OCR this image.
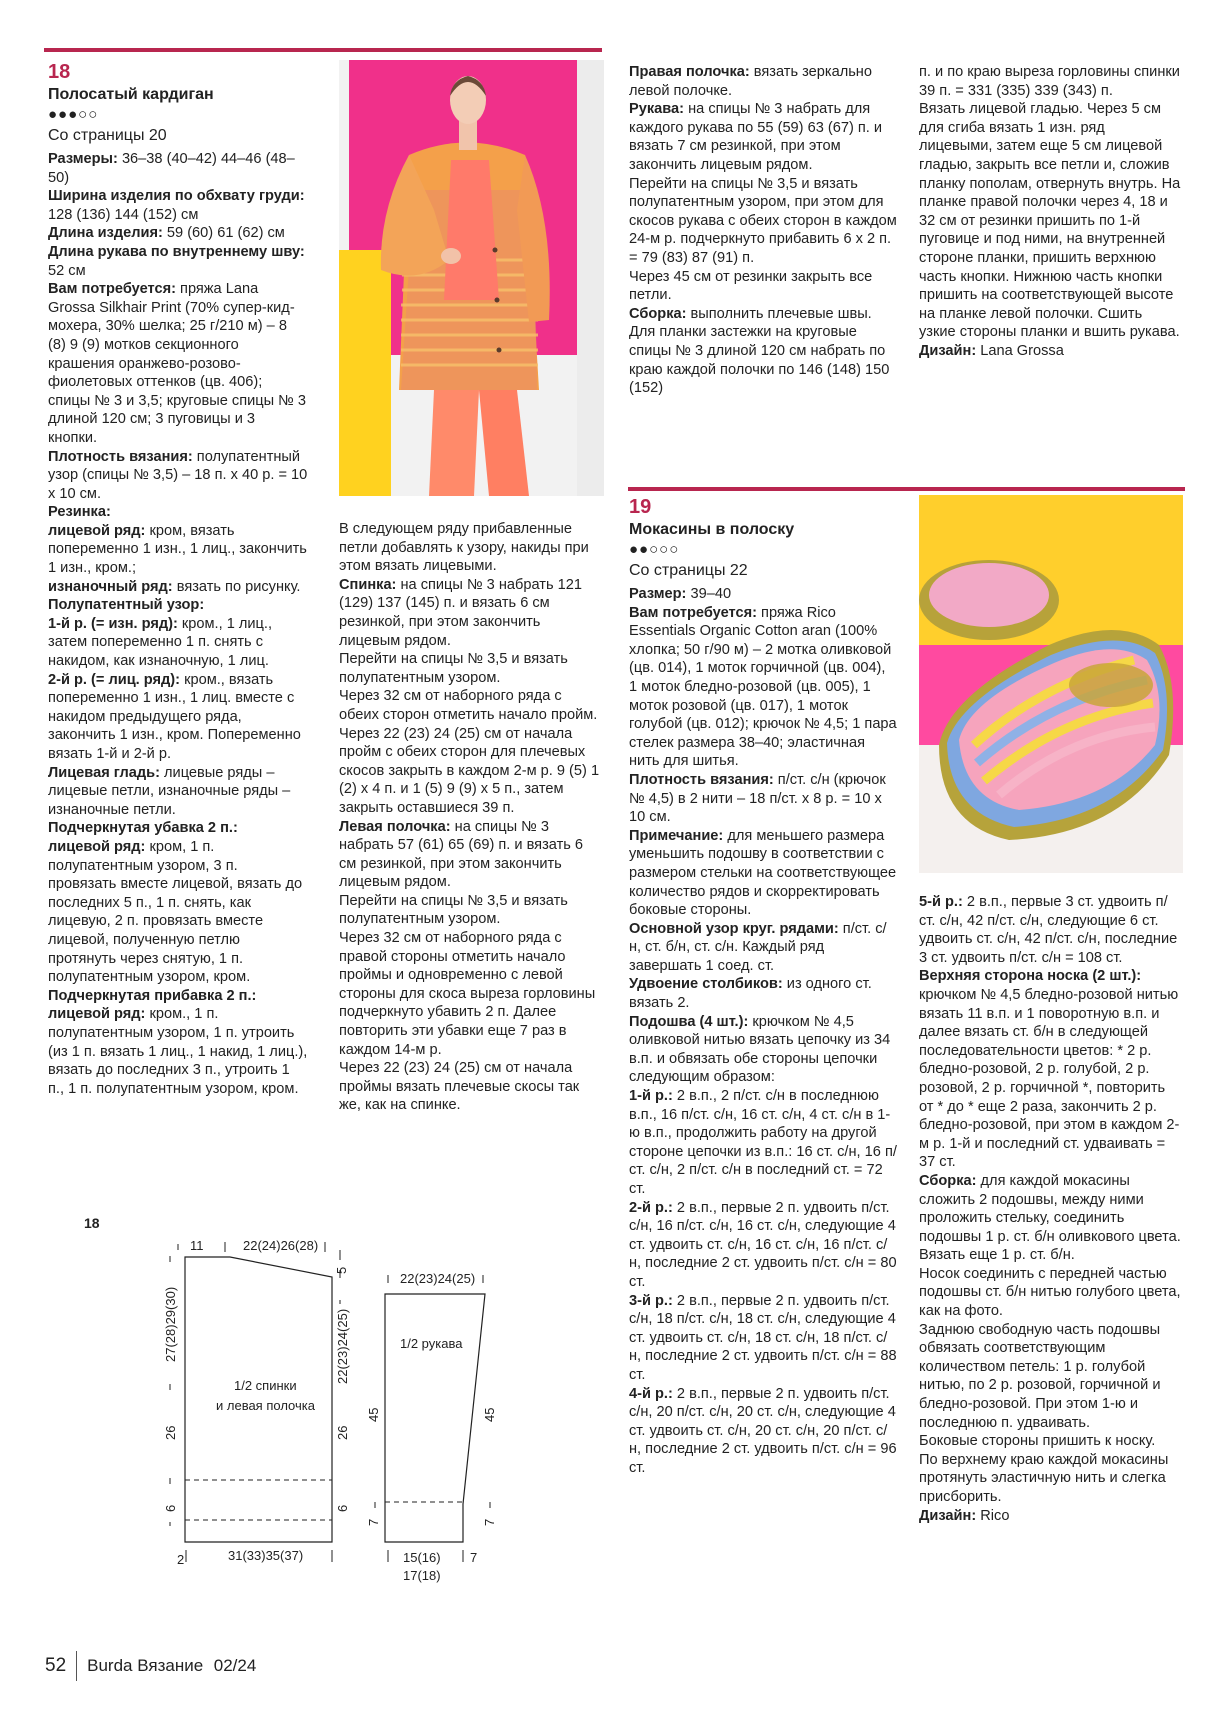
18
Полосатый кардиган
●●●○○
Со страницы 20

Размеры: 36–38 (40–42) 44–46 (48–50)

Ширина изделия по обхвату груди: 128 (136) 144 (152) см

Длина изделия: 59 (60) 61 (62) см

Длина рукава по внутреннему шву: 52 см

Вам потребуется: пряжа Lana Grossa Silkhair Print (70% супер-кид-мохера, 30% шелка; 25 г/210 м) – 8 (8) 9 (9) мотков секционного крашения оранжево-розово-фиолетовых оттенков (цв. 406); спицы № 3 и 3,5; круговые спицы № 3 длиной 120 см; 3 пуговицы и 3 кнопки.

Плотность вязания: полупатентный узор (спицы № 3,5) – 18 п. х 40 р. = 10 х 10 см.

Резинка:

лицевой ряд: кром, вязать попеременно 1 изн., 1 лиц., закончить 1 изн., кром.;

изнаночный ряд: вязать по рисунку.

Полупатентный узор:

1-й р. (= изн. ряд): кром., 1 лиц., затем попеременно 1 п. снять с накидом, как изнаночную, 1 лиц.

2-й р. (= лиц. ряд): кром., вязать попеременно 1 изн., 1 лиц. вместе с накидом предыдущего ряда, закончить 1 изн., кром. Попеременно вязать 1-й и 2-й р.

Лицевая гладь: лицевые ряды – лицевые петли, изнаночные ряды – изнаночные петли.

Подчеркнутая убавка 2 п.:

лицевой ряд: кром, 1 п. полупатентным узором, 3 п. провязать вместе лицевой, вязать до последних 5 п., 1 п. снять, как лицевую, 2 п. провязать вместе лицевой, полученную петлю протянуть через снятую, 1 п. полупатентным узором, кром.

Подчеркнутая прибавка 2 п.:

лицевой ряд: кром., 1 п. полупатентным узором, 1 п. утроить (из 1 п. вязать 1 лиц., 1 накид, 1 лиц.), вязать до последних 3 п., утроить 1 п., 1 п. полупатентным узором, кром.

В следующем ряду прибавленные петли добавлять к узору, накиды при этом вязать лицевыми.

Спинка: на спицы № 3 набрать 121 (129) 137 (145) п. и вязать 6 см резинкой, при этом закончить лицевым рядом.

Перейти на спицы № 3,5 и вязать полупатентным узором.

Через 32 см от наборного ряда с обеих сторон отметить начало пройм.

Через 22 (23) 24 (25) см от начала пройм с обеих сторон для плечевых скосов закрыть в каждом 2-м р. 9 (5) 1 (2) х 4 п. и 1 (5) 9 (9) х 5 п., затем закрыть оставшиеся 39 п.

Левая полочка: на спицы № 3 набрать 57 (61) 65 (69) п. и вязать 6 см резинкой, при этом закончить лицевым рядом.

Перейти на спицы № 3,5 и вязать полупатентным узором.

Через 32 см от наборного ряда с правой стороны отметить начало проймы и одновременно с левой стороны для скоса выреза горловины подчеркнуто убавить 2 п. Далее повторить эти убавки еще 7 раз в каждом 14-м р.

Через 22 (23) 24 (25) см от начала проймы вязать плечевые скосы так же, как на спинке.

Правая полочка: вязать зеркально левой полочке.

Рукава: на спицы № 3 набрать для каждого рукава по 55 (59) 63 (67) п. и вязать 7 см резинкой, при этом закончить лицевым рядом.

Перейти на спицы № 3,5 и вязать полупатентным узором, при этом для скосов рукава с обеих сторон в каждом 24-м р. подчеркнуто прибавить 6 х 2 п. = 79 (83) 87 (91) п.

Через 45 см от резинки закрыть все петли.

Сборка: выполнить плечевые швы. Для планки застежки на круговые спицы № 3 длиной 120 см набрать по краю каждой полочки по 146 (148) 150 (152)

п. и по краю выреза горловины спинки 39 п. = 331 (335) 339 (343) п.

Вязать лицевой гладью. Через 5 см для сгиба вязать 1 изн. ряд лицевыми, затем еще 5 см лицевой гладью, закрыть все петли и, сложив планку пополам, отвернуть внутрь. На планке правой полочки через 4, 18 и 32 см от резинки пришить по 1-й пуговице и под ними, на внутренней стороне планки, пришить верхнюю часть кнопки. Нижнюю часть кнопки пришить на соответствующей высоте на планке левой полочки. Сшить узкие стороны планки и вшить рукава.

Дизайн: Lana Grossa

19
Мокасины в полоску
●●○○○
Со страницы 22

Размер: 39–40

Вам потребуется: пряжа Rico Essentials Organic Cotton aran (100% хлопка; 50 г/90 м) – 2 мотка оливковой (цв. 014), 1 моток горчичной (цв. 004), 1 моток бледно-розовой (цв. 005), 1 моток розовой (цв. 017), 1 моток голубой (цв. 012); крючок № 4,5; 1 пара стелек размера 38–40; эластичная нить для шитья.

Плотность вязания: п/ст. с/н (крючок № 4,5) в 2 нити – 18 п/ст. х 8 р. = 10 х 10 см.

Примечание: для меньшего размера уменьшить подошву в соответствии с размером стельки на соответствующее количество рядов и скорректировать боковые стороны.

Основной узор круг. рядами: п/ст. с/н, ст. б/н, ст. с/н. Каждый ряд завершать 1 соед. ст.

Удвоение столбиков: из одного ст. вязать 2.

Подошва (4 шт.): крючком № 4,5 оливковой нитью вязать цепочку из 34 в.п. и обвязать обе стороны цепочки следующим образом:

1-й р.: 2 в.п., 2 п/ст. с/н в последнюю в.п., 16 п/ст. с/н, 16 ст. с/н, 4 ст. с/н в 1-ю в.п., продолжить работу на другой стороне цепочки из в.п.: 16 ст. с/н, 16 п/ст. с/н, 2 п/ст. с/н в последний ст. = 72 ст.

2-й р.: 2 в.п., первые 2 п. удвоить п/ст. с/н, 16 п/ст. с/н, 16 ст. с/н, следующие 4 ст. удвоить ст. с/н, 16 ст. с/н, 16 п/ст. с/н, последние 2 ст. удвоить п/ст. с/н = 80 ст.

3-й р.: 2 в.п., первые 2 п. удвоить п/ст. с/н, 18 п/ст. с/н, 18 ст. с/н, следующие 4 ст. удвоить ст. с/н, 18 ст. с/н, 18 п/ст. с/н, последние 2 ст. удвоить п/ст. с/н = 88 ст.

4-й р.: 2 в.п., первые 2 п. удвоить п/ст. с/н, 20 п/ст. с/н, 20 ст. с/н, следующие 4 ст. удвоить ст. с/н, 20 ст. с/н, 20 п/ст. с/н, последние 2 ст. удвоить п/ст. с/н = 96 ст.

5-й р.: 2 в.п., первые 3 ст. удвоить п/ст. с/н, 42 п/ст. с/н, следующие 6 ст. удвоить ст. с/н, 42 п/ст. с/н, последние 3 ст. удвоить п/ст. с/н = 108 ст.

Верхняя сторона носка (2 шт.): крючком № 4,5 бледно-розовой нитью вязать 11 в.п. и 1 поворотную в.п. и далее вязать ст. б/н в следующей последовательности цветов: * 2 р. бледно-розовой, 2 р. голубой, 2 р. розовой, 2 р. горчичной *, повторить от * до * еще 2 раза, закончить 2 р. бледно-розовой, при этом в каждом 2-м р. 1-й и последний ст. удваивать = 37 ст.

Сборка: для каждой мокасины сложить 2 подошвы, между ними проложить стельку, соединить подошвы 1 р. ст. б/н оливкового цвета. Вязать еще 1 р. ст. б/н.

Носок соединить с передней частью подошвы ст. б/н нитью голубого цвета, как на фото.

Заднюю свободную часть подошвы обвязать соответствующим количеством петель: 1 р. голубой нитью, по 2 р. розовой, горчичной и бледно-розовой. При этом 1-ю и последнюю п. удваивать.

Боковые стороны пришить к носку.

По верхнему краю каждой мокасины протянуть эластичную нить и слегка присборить.

Дизайн: Rico

18
11	22(24)26(28)
5
27(28)29(30)	22(23)24(25)
26	26
6	6
2	31(33)35(37)
1/2 спинки
и левая полочка
22(23)24(25)
1/2 рукава
45	45
7	7
15(16)
17(18)
7
52 Burda Вязание 02/24
